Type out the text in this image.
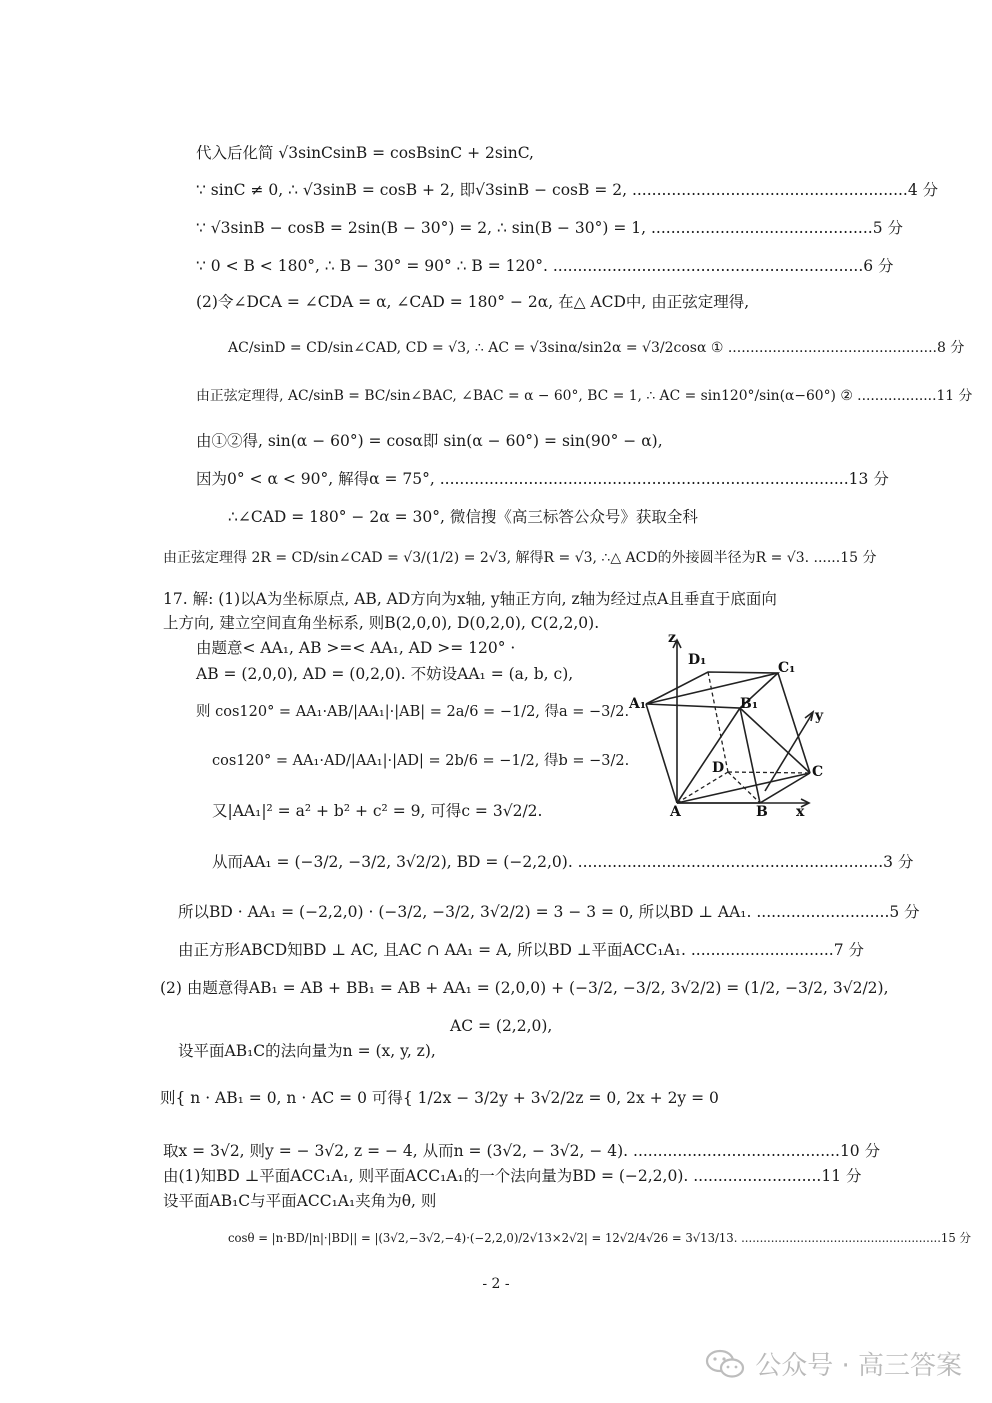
代入后化简 √3sinCsinB = cosBsinC + 2sinC,
∵ sinC ≠ 0, ∴ √3sinB = cosB + 2, 即√3sinB − cosB = 2, ........................................................4 分
∵ √3sinB − cosB = 2sin(B − 30°) = 2, ∴ sin(B − 30°) = 1, .............................................5 分
∵ 0 < B < 180°, ∴ B − 30° = 90° ∴ B = 120°. ...............................................................6 分
(2)令∠DCA = ∠CDA = α, ∠CAD = 180° − 2α, 在△ ACD中, 由正弦定理得,
AC/sinD = CD/sin∠CAD, CD = √3, ∴ AC = √3sinα/sin2α = √3/2cosα ① ...............................................8 分
由正弦定理得, AC/sinB = BC/sin∠BAC, ∠BAC = α − 60°, BC = 1, ∴ AC = sin120°/sin(α−60°) ② ..................11 分
由①②得, sin(α − 60°) = cosα即 sin(α − 60°) = sin(90° − α),
因为0° < α < 90°, 解得α = 75°, ...................................................................................13 分
∴∠CAD = 180° − 2α = 30°, 微信搜《高三标答公众号》获取全科
由正弦定理得 2R = CD/sin∠CAD = √3/(1/2) = 2√3, 解得R = √3, ∴△ ACD的外接圆半径为R = √3. ......15 分
17. 解: (1)以A为坐标原点, AB, AD方向为x轴, y轴正方向, z轴为经过点A且垂直于底面向
上方向, 建立空间直角坐标系, 则B(2,0,0), D(0,2,0), C(2,2,0).
由题意< AA₁, AB >=< AA₁, AD >= 120° ·
AB = (2,0,0), AD = (0,2,0). 不妨设AA₁ = (a, b, c),
则 cos120° = AA₁·AB/|AA₁|·|AB| = 2a/6 = −1/2, 得a = −3/2.
cos120° = AA₁·AD/|AA₁|·|AD| = 2b/6 = −1/2, 得b = −3/2.
又|AA₁|² = a² + b² + c² = 9, 可得c = 3√2/2.
从而AA₁ = (−3/2, −3/2, 3√2/2), BD = (−2,2,0). ..............................................................3 分
所以BD · AA₁ = (−2,2,0) · (−3/2, −3/2, 3√2/2) = 3 − 3 = 0, 所以BD ⊥ AA₁. ...........................5 分
由正方形ABCD知BD ⊥ AC, 且AC ∩ AA₁ = A, 所以BD ⊥平面ACC₁A₁. .............................7 分
(2) 由题意得AB₁ = AB + BB₁ = AB + AA₁ = (2,0,0) + (−3/2, −3/2, 3√2/2) = (1/2, −3/2, 3√2/2),
AC = (2,2,0),
设平面AB₁C的法向量为n = (x, y, z),
则{ n · AB₁ = 0, n · AC = 0 可得{ 1/2x − 3/2y + 3√2/2z = 0, 2x + 2y = 0
取x = 3√2, 则y = − 3√2, z = − 4, 从而n = (3√2, − 3√2, − 4). ..........................................10 分
由(1)知BD ⊥平面ACC₁A₁, 则平面ACC₁A₁的一个法向量为BD = (−2,2,0). ..........................11 分
设平面AB₁C与平面ACC₁A₁夹角为θ, 则
cosθ = |n·BD/|n|·|BD|| = |(3√2,−3√2,−4)·(−2,2,0)/2√13×2√2| = 12√2/4√26 = 3√13/13. ......................................................15 分
z
D₁	C₁
A₁	B₁
y
D	C
A	B x
- 2 -
公众号 · 高三答案
